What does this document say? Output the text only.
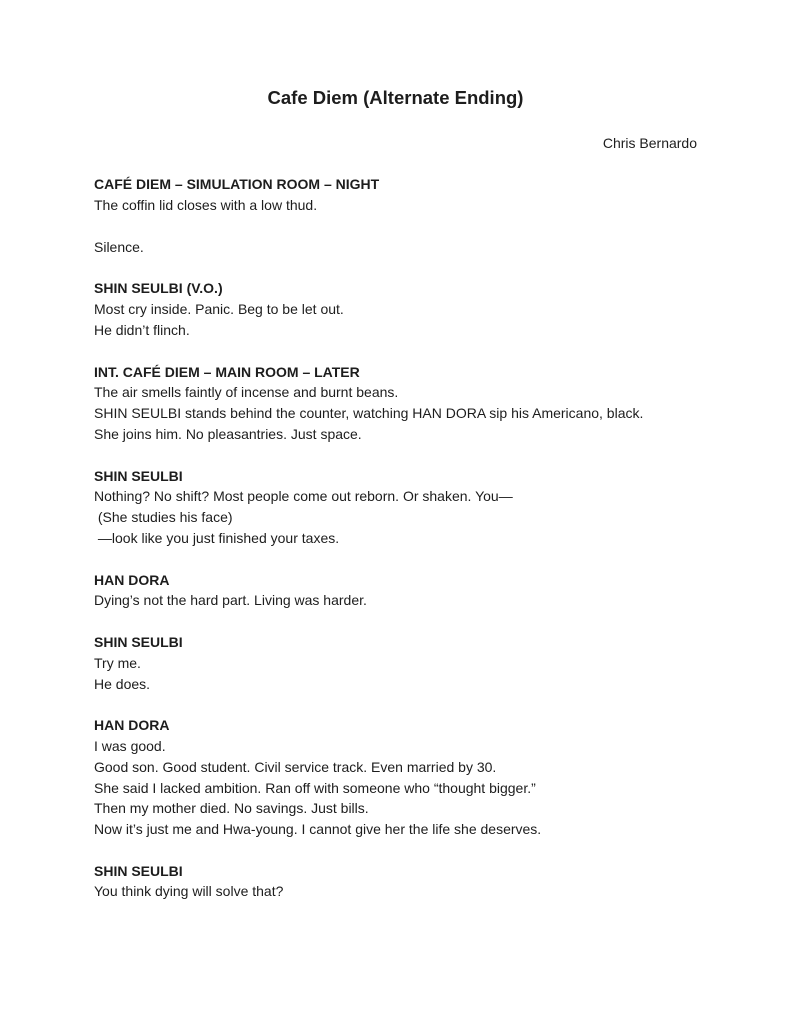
Cafe Diem (Alternate Ending)
Chris Bernardo
CAFÉ DIEM – SIMULATION ROOM – NIGHT
The coffin lid closes with a low thud.
Silence.
SHIN SEULBI (V.O.)
Most cry inside. Panic. Beg to be let out.
He didn’t flinch.
INT. CAFÉ DIEM – MAIN ROOM – LATER
The air smells faintly of incense and burnt beans.
SHIN SEULBI stands behind the counter, watching HAN DORA sip his Americano, black.
She joins him. No pleasantries. Just space.
SHIN SEULBI
Nothing? No shift? Most people come out reborn. Or shaken. You—
(She studies his face)
—look like you just finished your taxes.
HAN DORA
Dying’s not the hard part. Living was harder.
SHIN SEULBI
Try me.
He does.
HAN DORA
I was good.
Good son. Good student. Civil service track. Even married by 30.
She said I lacked ambition. Ran off with someone who “thought bigger.”
Then my mother died. No savings. Just bills.
Now it’s just me and Hwa-young. I cannot give her the life she deserves.
SHIN SEULBI
You think dying will solve that?
